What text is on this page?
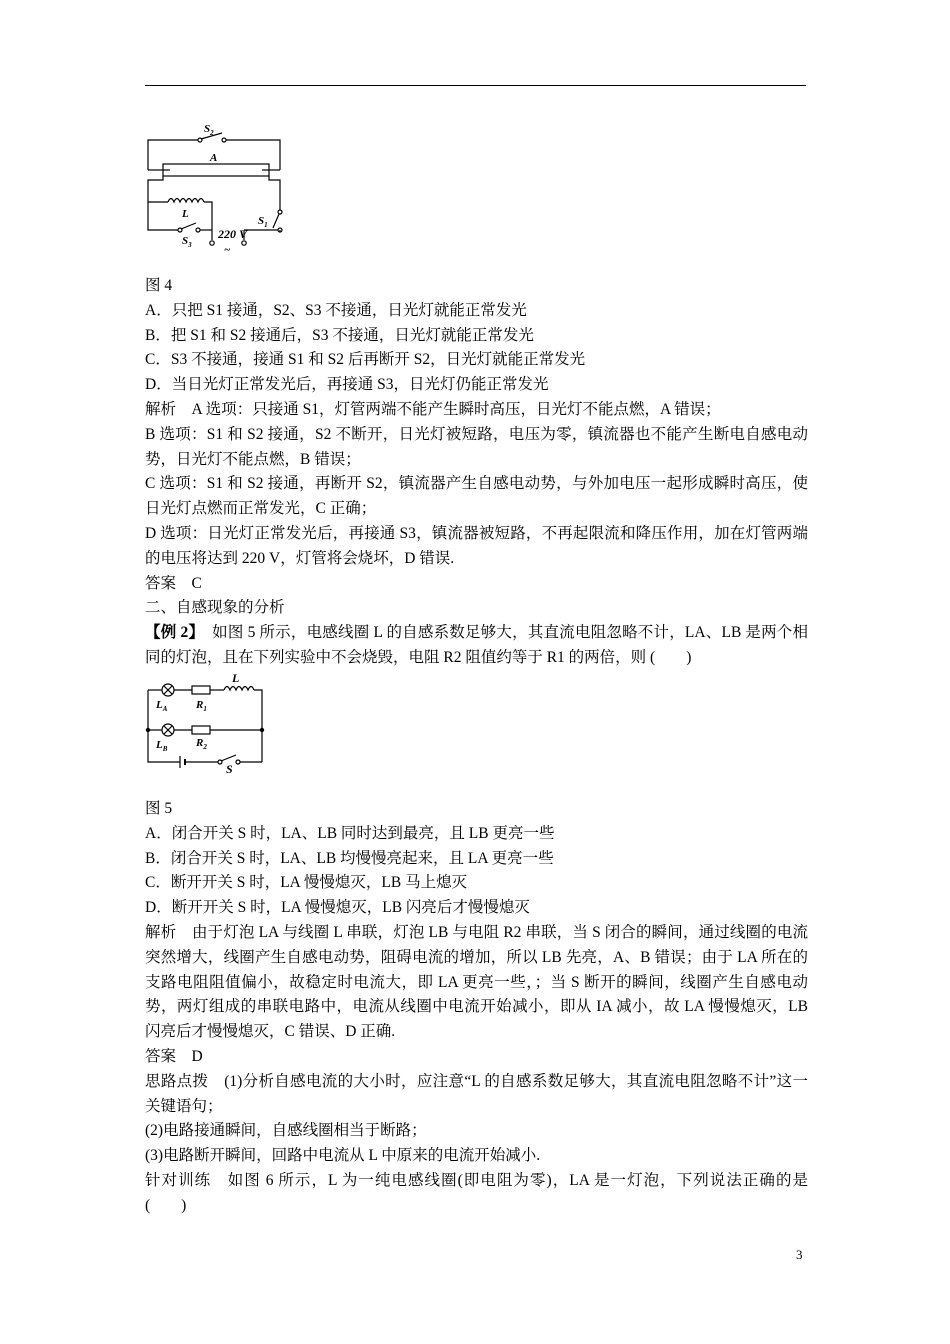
$S_2$
A
L
220 V
~
$S_1$
$S_3$
图 4
A．只把 S1 接通，S2、S3 不接通，日光灯就能正常发光
B．把 S1 和 S2 接通后，S3 不接通，日光灯就能正常发光
C．S3 不接通，接通 S1 和 S2 后再断开 S2，日光灯就能正常发光
D．当日光灯正常发光后，再接通 S3，日光灯仍能正常发光
解析　A 选项：只接通 S1，灯管两端不能产生瞬时高压，日光灯不能点燃，A 错误；
B 选项：S1 和 S2 接通，S2 不断开，日光灯被短路，电压为零，镇流器也不能产生断电自感电动势，日光灯不能点燃，B 错误；
C 选项：S1 和 S2 接通，再断开 S2，镇流器产生自感电动势，与外加电压一起形成瞬时高压，使日光灯点燃而正常发光，C 正确；
D 选项：日光灯正常发光后，再接通 S3，镇流器被短路，不再起限流和降压作用，加在灯管两端的电压将达到 220 V，灯管将会烧坏，D 错误.
答案　C
二、自感现象的分析
【例 2】　如图 5 所示，电感线圈 L 的自感系数足够大，其直流电阻忽略不计，LA、LB 是两个相同的灯泡，且在下列实验中不会烧毁，电阻 R2 阻值约等于 R1 的两倍，则 (　　)
L
$L_A$	$R_1$
$L_B$	$R_2$
S
图 5
A．闭合开关 S 时，LA、LB 同时达到最亮，且 LB 更亮一些
B．闭合开关 S 时，LA、LB 均慢慢亮起来，且 LA 更亮一些
C．断开开关 S 时，LA 慢慢熄灭，LB 马上熄灭
D．断开开关 S 时，LA 慢慢熄灭，LB 闪亮后才慢慢熄灭
解析　由于灯泡 LA 与线圈 L 串联，灯泡 LB 与电阻 R2 串联，当 S 闭合的瞬间，通过线圈的电流突然增大，线圈产生自感电动势，阻碍电流的增加，所以 LB 先亮，A、B 错误；由于 LA 所在的支路电阻阻值偏小，故稳定时电流大，即 LA 更亮一些，；当 S 断开的瞬间，线圈产生自感电动势，两灯组成的串联电路中，电流从线圈中电流开始减小，即从 IA 减小，故 LA 慢慢熄灭，LB 闪亮后才慢慢熄灭，C 错误、D 正确.
答案　D
思路点拨　(1)分析自感电流的大小时，应注意“L 的自感系数足够大，其直流电阻忽略不计”这一关键语句；
(2)电路接通瞬间，自感线圈相当于断路；
(3)电路断开瞬间，回路中电流从 L 中原来的电流开始减小.
针对训练　如图 6 所示，L 为一纯电感线圈(即电阻为零)，LA 是一灯泡，下列说法正确的是 (　　)
3
